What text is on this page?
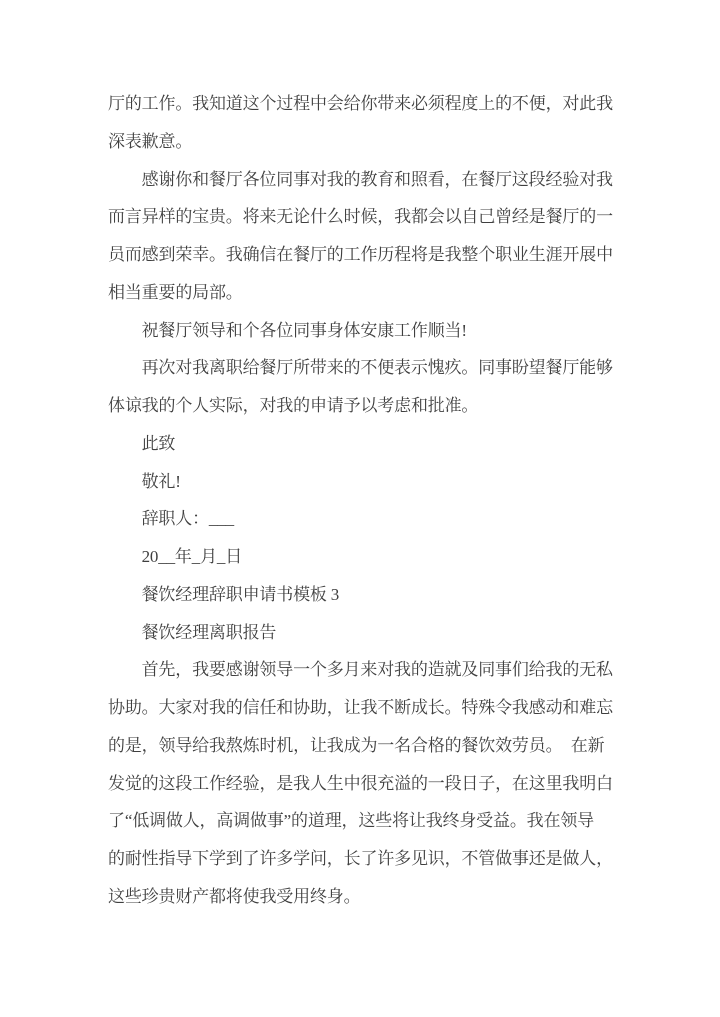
厅的工作。我知道这个过程中会给你带来必须程度上的不便，对此我
深表歉意。
感谢你和餐厅各位同事对我的教育和照看，在餐厅这段经验对我
而言异样的宝贵。将来无论什么时候，我都会以自己曾经是餐厅的一
员而感到荣幸。我确信在餐厅的工作历程将是我整个职业生涯开展中
相当重要的局部。
祝餐厅领导和个各位同事身体安康工作顺当!
再次对我离职给餐厅所带来的不便表示愧疚。同事盼望餐厅能够
体谅我的个人实际，对我的申请予以考虑和批准。
此致
敬礼!
辞职人：___
20__年_月_日
餐饮经理辞职申请书模板 3
餐饮经理离职报告
首先，我要感谢领导一个多月来对我的造就及同事们给我的无私
协助。大家对我的信任和协助，让我不断成长。特殊令我感动和难忘
的是，领导给我熬炼时机，让我成为一名合格的餐饮效劳员。　在新
发觉的这段工作经验，是我人生中很充溢的一段日子，在这里我明白
了“低调做人，高调做事”的道理，这些将让我终身受益。我在领导
的耐性指导下学到了许多学问，长了许多见识，不管做事还是做人，
这些珍贵财产都将使我受用终身。
